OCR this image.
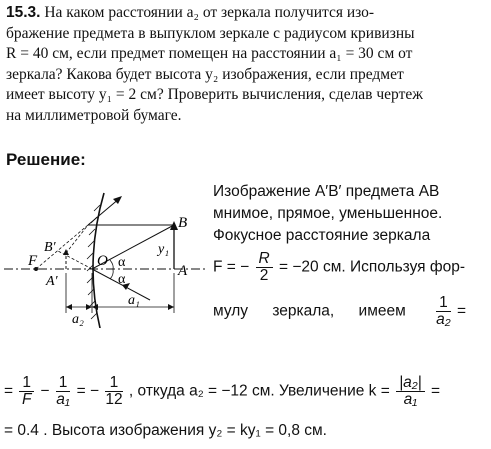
15.3. На каком расстоянии a₂ от зеркала получится изо-
бражение предмета в выпуклом зеркале с радиусом кривизны
R = 40 см, если предмет помещен на расстоянии a₁ = 30 см от
зеркала? Какова будет высота y₂ изображения, если предмет
имеет высоту y₁ = 2 см? Проверить вычисления, сделав чертеж
на миллиметровой бумаге.
Решение:
B
B′
F
A′
O α
α
y₁
A
a₂
a₁
Изображение A′B′ предмета AB
мнимое, прямое, уменьшенное.
Фокусное расстояние зеркала
F = − $\frac{R}{2} = -20$ см. Используя фор-
мулу зеркала, имеем $\frac{1}{\text{a₂}}$ =
= $\frac{1}{F} - \frac{1}{\text{a₁}}$ = − $\frac{1}{12}$ , откуда a₂ = −12 см. Увеличение $k = \frac{\text{|a₂|}}{\text{a₁}}$ =
= 0.4 . Высота изображения y₂ = ky₁ = 0,8 см.
